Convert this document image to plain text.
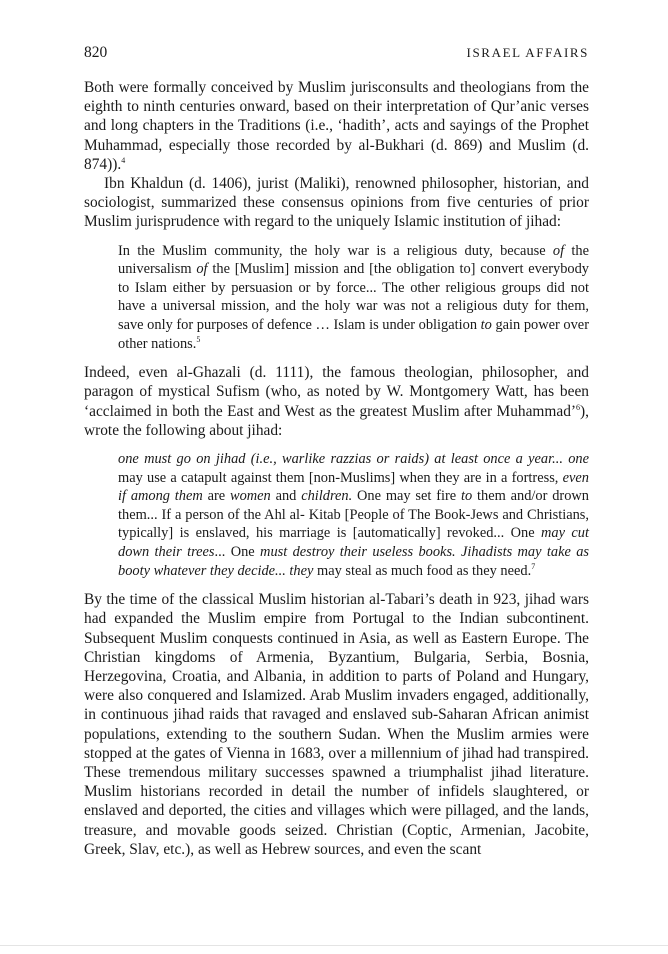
820	ISRAEL AFFAIRS

Both were formally conceived by Muslim jurisconsults and theologians from the eighth to ninth centuries onward, based on their interpretation of Qur’anic verses and long chapters in the Traditions (i.e., ‘hadith’, acts and sayings of the Prophet Muhammad, especially those recorded by al-Bukhari (d. 869) and Muslim (d. 874)).$^4$

Ibn Khaldun (d. 1406), jurist (Maliki), renowned philosopher, historian, and sociologist, summarized these consensus opinions from five centuries of prior Muslim jurisprudence with regard to the uniquely Islamic institution of jihad:

In the Muslim community, the holy war is a religious duty, because of the universalism of the [Muslim] mission and [the obligation to] convert everybody to Islam either by persuasion or by force... The other religious groups did not have a universal mission, and the holy war was not a religious duty for them, save only for purposes of defence … Islam is under obligation to gain power over other nations.$^5$

Indeed, even al-Ghazali (d. 1111), the famous theologian, philosopher, and paragon of mystical Sufism (who, as noted by W. Montgomery Watt, has been ‘acclaimed in both the East and West as the greatest Muslim after Muhammad’$^6$), wrote the following about jihad:

one must go on jihad (i.e., warlike razzias or raids) at least once a year... one may use a catapult against them [non-Muslims] when they are in a fortress, even if among them are women and children. One may set fire to them and/or drown them... If a person of the Ahl al- Kitab [People of The Book-Jews and Christians, typically] is enslaved, his marriage is [automatically] revoked... One may cut down their trees... One must destroy their useless books. Jihadists may take as booty whatever they decide... they may steal as much food as they need.$^7$

By the time of the classical Muslim historian al-Tabari’s death in 923, jihad wars had expanded the Muslim empire from Portugal to the Indian subcontinent. Subsequent Muslim conquests continued in Asia, as well as Eastern Europe. The Christian kingdoms of Armenia, Byzantium, Bulgaria, Serbia, Bosnia, Herzegovina, Croatia, and Albania, in addition to parts of Poland and Hungary, were also conquered and Islamized. Arab Muslim invaders engaged, additionally, in continuous jihad raids that ravaged and enslaved sub-Saharan African animist populations, extending to the southern Sudan. When the Muslim armies were stopped at the gates of Vienna in 1683, over a millennium of jihad had transpired. These tremendous military successes spawned a triumphalist jihad literature. Muslim historians recorded in detail the number of infidels slaughtered, or enslaved and deported, the cities and villages which were pillaged, and the lands, treasure, and movable goods seized. Christian (Coptic, Armenian, Jacobite, Greek, Slav, etc.), as well as Hebrew sources, and even the scant
